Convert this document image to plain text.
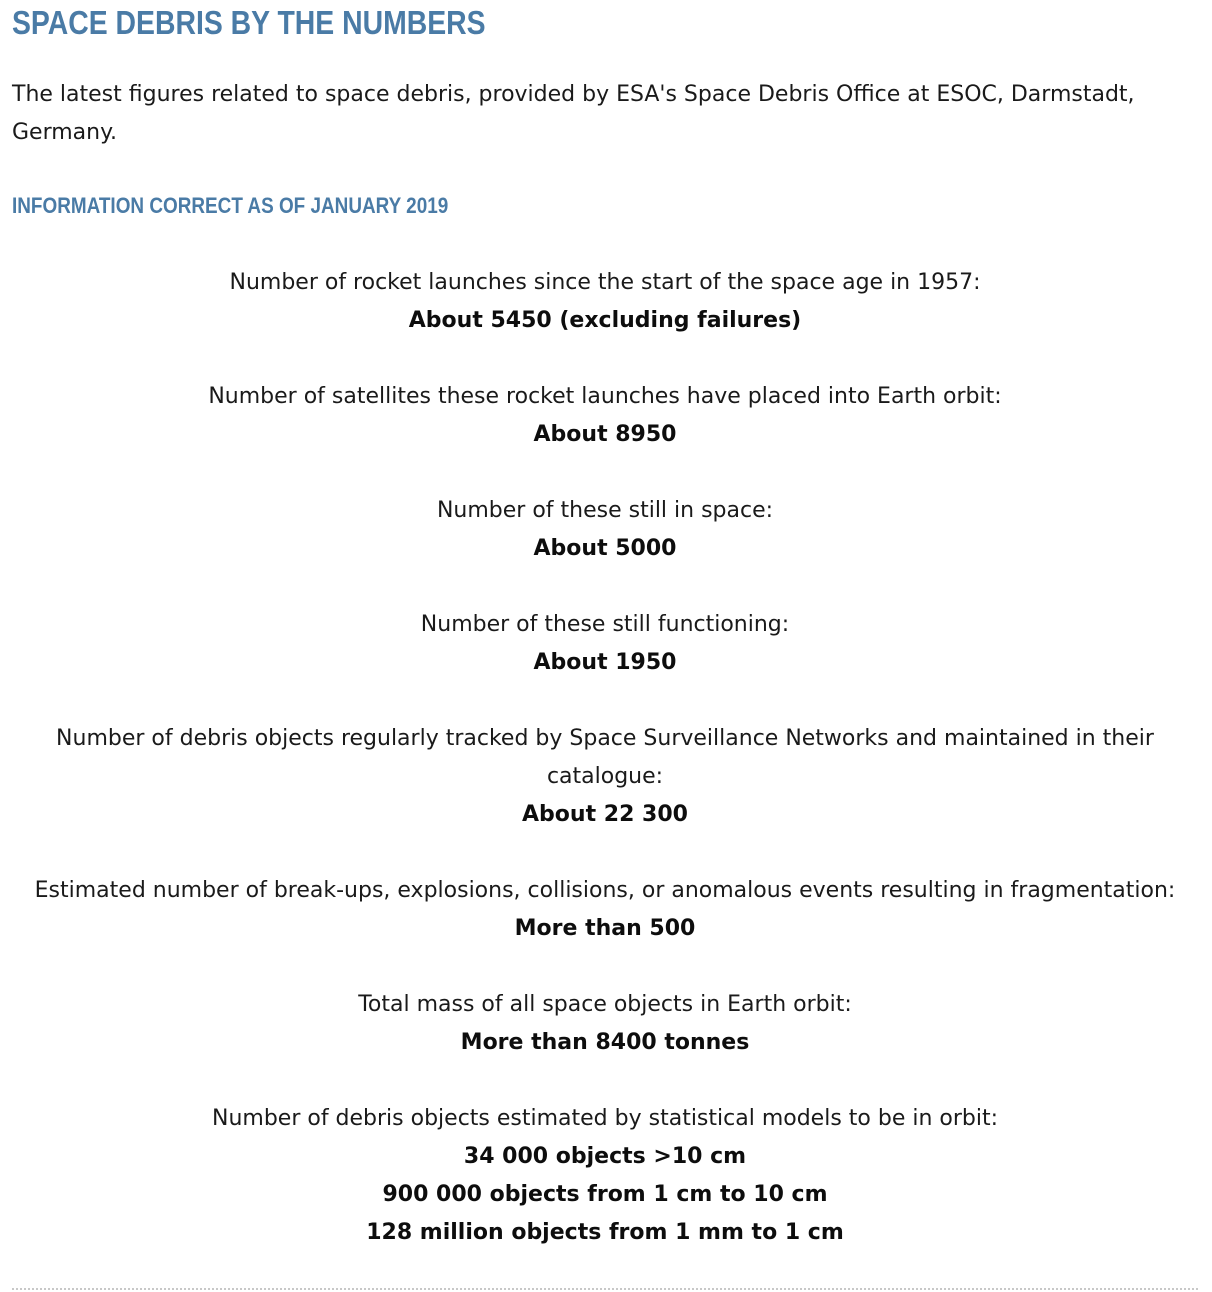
SPACE DEBRIS BY THE NUMBERS

The latest figures related to space debris, provided by ESA's Space Debris Office at ESOC, Darmstadt, Germany.

INFORMATION CORRECT AS OF JANUARY 2019
Number of rocket launches since the start of the space age in 1957:
About 5450 (excluding failures)
Number of satellites these rocket launches have placed into Earth orbit:
About 8950
Number of these still in space:
About 5000
Number of these still functioning:
About 1950
Number of debris objects regularly tracked by Space Surveillance Networks and maintained in their catalogue:
About 22 300
Estimated number of break-ups, explosions, collisions, or anomalous events resulting in fragmentation:
More than 500
Total mass of all space objects in Earth orbit:
More than 8400 tonnes
Number of debris objects estimated by statistical models to be in orbit:
34 000 objects >10 cm
900 000 objects from 1 cm to 10 cm
128 million objects from 1 mm to 1 cm
